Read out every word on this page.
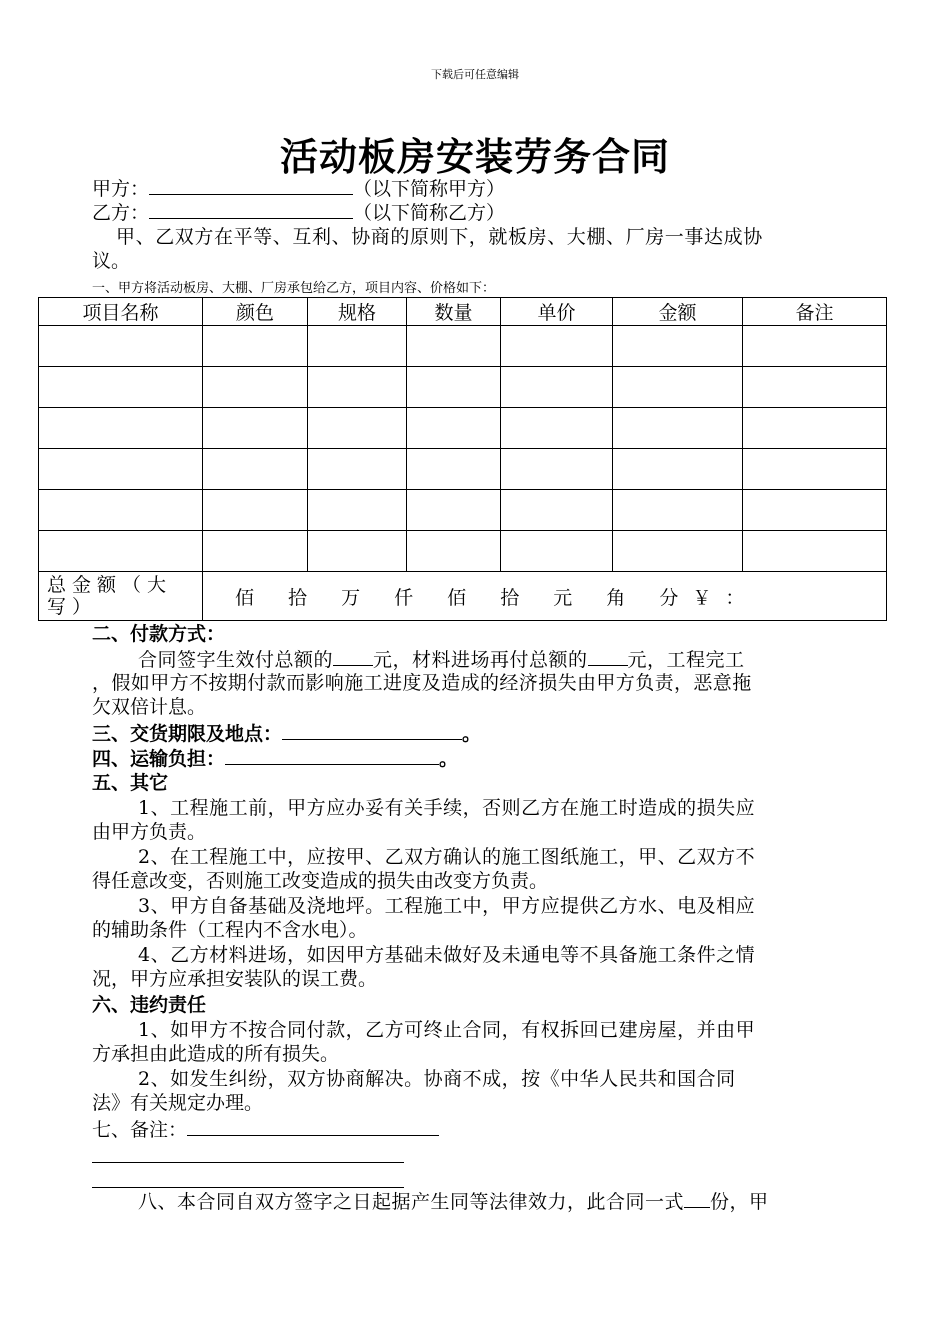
下载后可任意编辑
活动板房安装劳务合同
甲方：	（以下简称甲方）
乙方：	（以下简称乙方）
甲、乙双方在平等、互利、协商的原则下，就板房、大棚、厂房一事达成协
议。
一、甲方将活动板房、大棚、厂房承包给乙方，项目内容、价格如下：
项目名称	颜色	规格	数量	单价	金额	备注

总金额（大写）	佰 拾 万 仟 佰 拾 元 角 分￥：					
二、付款方式：
合同签字生效付总额的 元，材料进场再付总额的 元，工程完工
，假如甲方不按期付款而影响施工进度及造成的经济损失由甲方负责，恶意拖
欠双倍计息。
三、交货期限及地点：	。
四、运输负担：	。
五、其它
1、工程施工前，甲方应办妥有关手续，否则乙方在施工时造成的损失应
由甲方负责。
2、在工程施工中，应按甲、乙双方确认的施工图纸施工，甲、乙双方不
得任意改变，否则施工改变造成的损失由改变方负责。
3、甲方自备基础及浇地坪。工程施工中，甲方应提供乙方水、电及相应
的辅助条件（工程内不含水电）。
4、乙方材料进场，如因甲方基础未做好及未通电等不具备施工条件之情
况，甲方应承担安装队的误工费。
六、违约责任
1、如甲方不按合同付款，乙方可终止合同，有权拆回已建房屋，并由甲
方承担由此造成的所有损失。
2、如发生纠纷，双方协商解决。协商不成，按《中华人民共和国合同
法》有关规定办理。
七、备注：
八、本合同自双方签字之日起据产生同等法律效力，此合同一式 份，甲
